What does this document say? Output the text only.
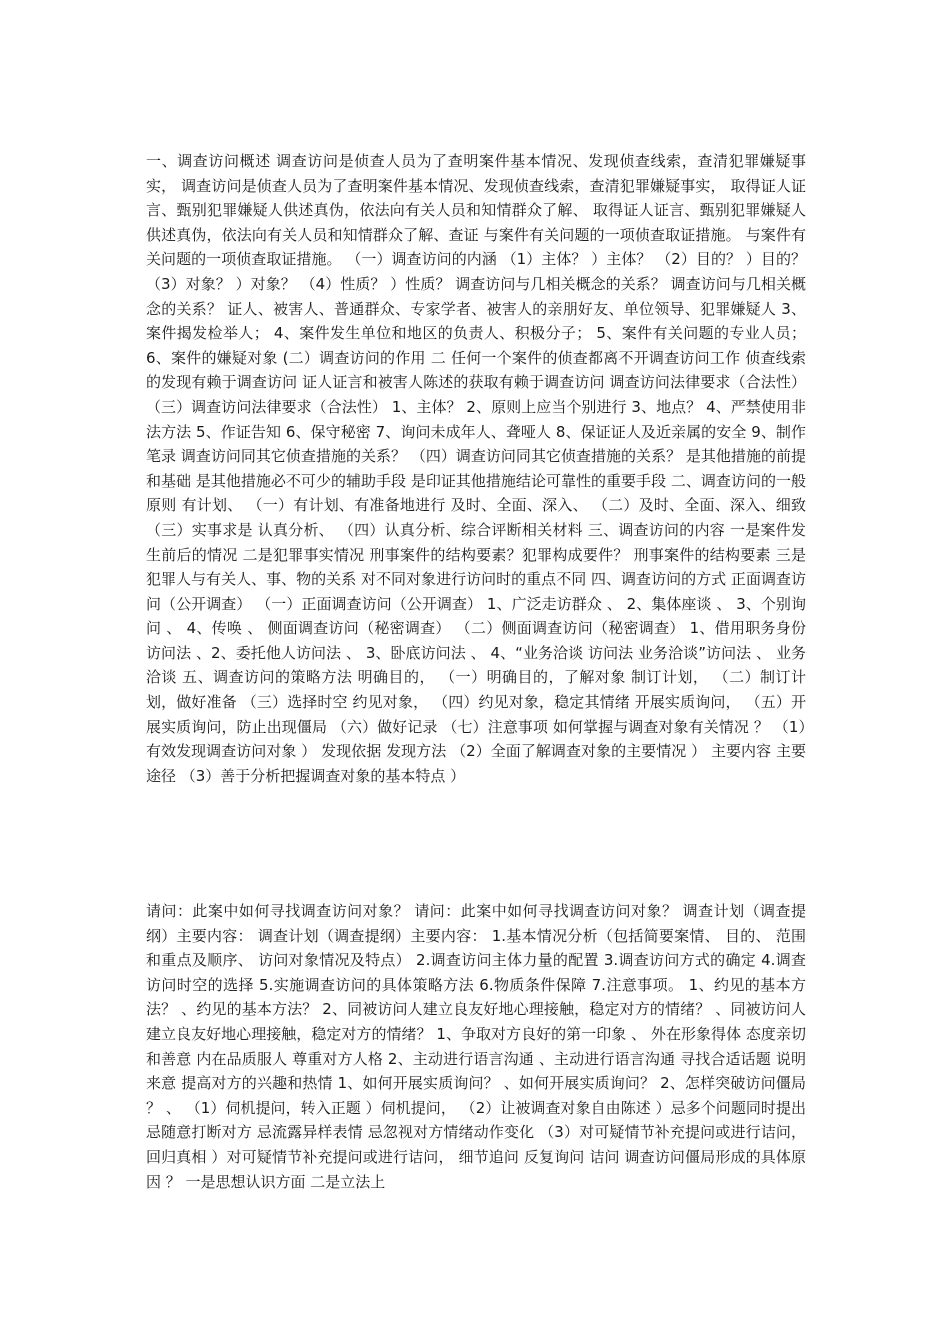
一、调查访问概述 调查访问是侦查人员为了查明案件基本情况、发现侦查线索，查清犯罪嫌疑事实， 调查访问是侦查人员为了查明案件基本情况、发现侦查线索，查清犯罪嫌疑事实， 取得证人证言、甄别犯罪嫌疑人供述真伪，依法向有关人员和知情群众了解、 取得证人证言、甄别犯罪嫌疑人供述真伪，依法向有关人员和知情群众了解、查证 与案件有关问题的一项侦查取证措施。 与案件有关问题的一项侦查取证措施。 （一）调查访问的内涵 （1）主体？ ）主体？ （2）目的？ ）目的？ （3）对象？ ）对象？ （4）性质？ ）性质？ 调查访问与几相关概念的关系？ 调查访问与几相关概念的关系？ 证人、被害人、普通群众、专家学者、被害人的亲朋好友、单位领导、犯罪嫌疑人 3、案件揭发检举人； 4、案件发生单位和地区的负责人、积极分子； 5、案件有关问题的专业人员； 6、案件的嫌疑对象 (二）调查访问的作用 二 任何一个案件的侦查都离不开调查访问工作 侦查线索的发现有赖于调查访问 证人证言和被害人陈述的获取有赖于调查访问 调查访问法律要求（合法性） （三）调查访问法律要求（合法性） 1、主体？ 2、原则上应当个别进行 3、地点？ 4、严禁使用非法方法 5、作证告知 6、保守秘密 7、询问未成年人、聋哑人 8、保证证人及近亲属的安全 9、制作笔录 调查访问同其它侦查措施的关系？ （四）调查访问同其它侦查措施的关系？ 是其他措施的前提和基础 是其他措施必不可少的辅助手段 是印证其他措施结论可靠性的重要手段 二、调查访问的一般原则 有计划、 （一）有计划、有准备地进行 及时、全面、深入、 （二）及时、全面、深入、细致 （三）实事求是 认真分析、 （四）认真分析、综合评断相关材料 三、调查访问的内容 一是案件发生前后的情况 二是犯罪事实情况 刑事案件的结构要素？犯罪构成要件？ 刑事案件的结构要素 三是犯罪人与有关人、事、物的关系 对不同对象进行访问时的重点不同 四、调查访问的方式 正面调查访问（公开调查） （一）正面调查访问（公开调查） 1、广泛走访群众 、 2、集体座谈 、 3、个别询问 、 4、传唤 、 侧面调查访问（秘密调查） （二）侧面调查访问（秘密调查） 1、借用职务身份访问法 、2、委托他人访问法 、 3、卧底访问法 、 4、“业务洽谈 访问法 业务洽谈”访问法 、 业务洽谈 五、调查访问的策略方法 明确目的， （一）明确目的，了解对象 制订计划， （二）制订计划，做好准备 （三）选择时空 约见对象， （四）约见对象，稳定其情绪 开展实质询问， （五）开展实质询问，防止出现僵局 （六）做好记录 （七）注意事项 如何掌握与调查对象有关情况 ？ （1）有效发现调查访问对象 ） 发现依据 发现方法 （2）全面了解调查对象的主要情况 ） 主要内容 主要途径 （3）善于分析把握调查对象的基本特点 ）

请问：此案中如何寻找调查访问对象？ 请问：此案中如何寻找调查访问对象？ 调查计划（调查提纲）主要内容： 调查计划（调查提纲）主要内容： 1.基本情况分析（包括简要案情、 目的、 范围和重点及顺序、 访问对象情况及特点） 2.调查访问主体力量的配置 3.调查访问方式的确定 4.调查访问时空的选择 5.实施调查访问的具体策略方法 6.物质条件保障 7.注意事项。 1、约见的基本方法？ 、约见的基本方法？ 2、同被访问人建立良友好地心理接触，稳定对方的情绪？ 、同被访问人建立良友好地心理接触，稳定对方的情绪？ 1、争取对方良好的第一印象 、 外在形象得体 态度亲切和善意 内在品质服人 尊重对方人格 2、主动进行语言沟通 、主动进行语言沟通 寻找合适话题 说明来意 提高对方的兴趣和热情 1、如何开展实质询问？ 、如何开展实质询问？ 2、怎样突破访问僵局 ？ 、 （1）伺机提问，转入正题 ）伺机提问， （2）让被调查对象自由陈述 ）忌多个问题同时提出 忌随意打断对方 忌流露异样表情 忌忽视对方情绪动作变化 （3）对可疑情节补充提问或进行诘问，回归真相 ）对可疑情节补充提问或进行诘问， 细节追问 反复询问 诘问 调查访问僵局形成的具体原因 ？ 一是思想认识方面 二是立法上
